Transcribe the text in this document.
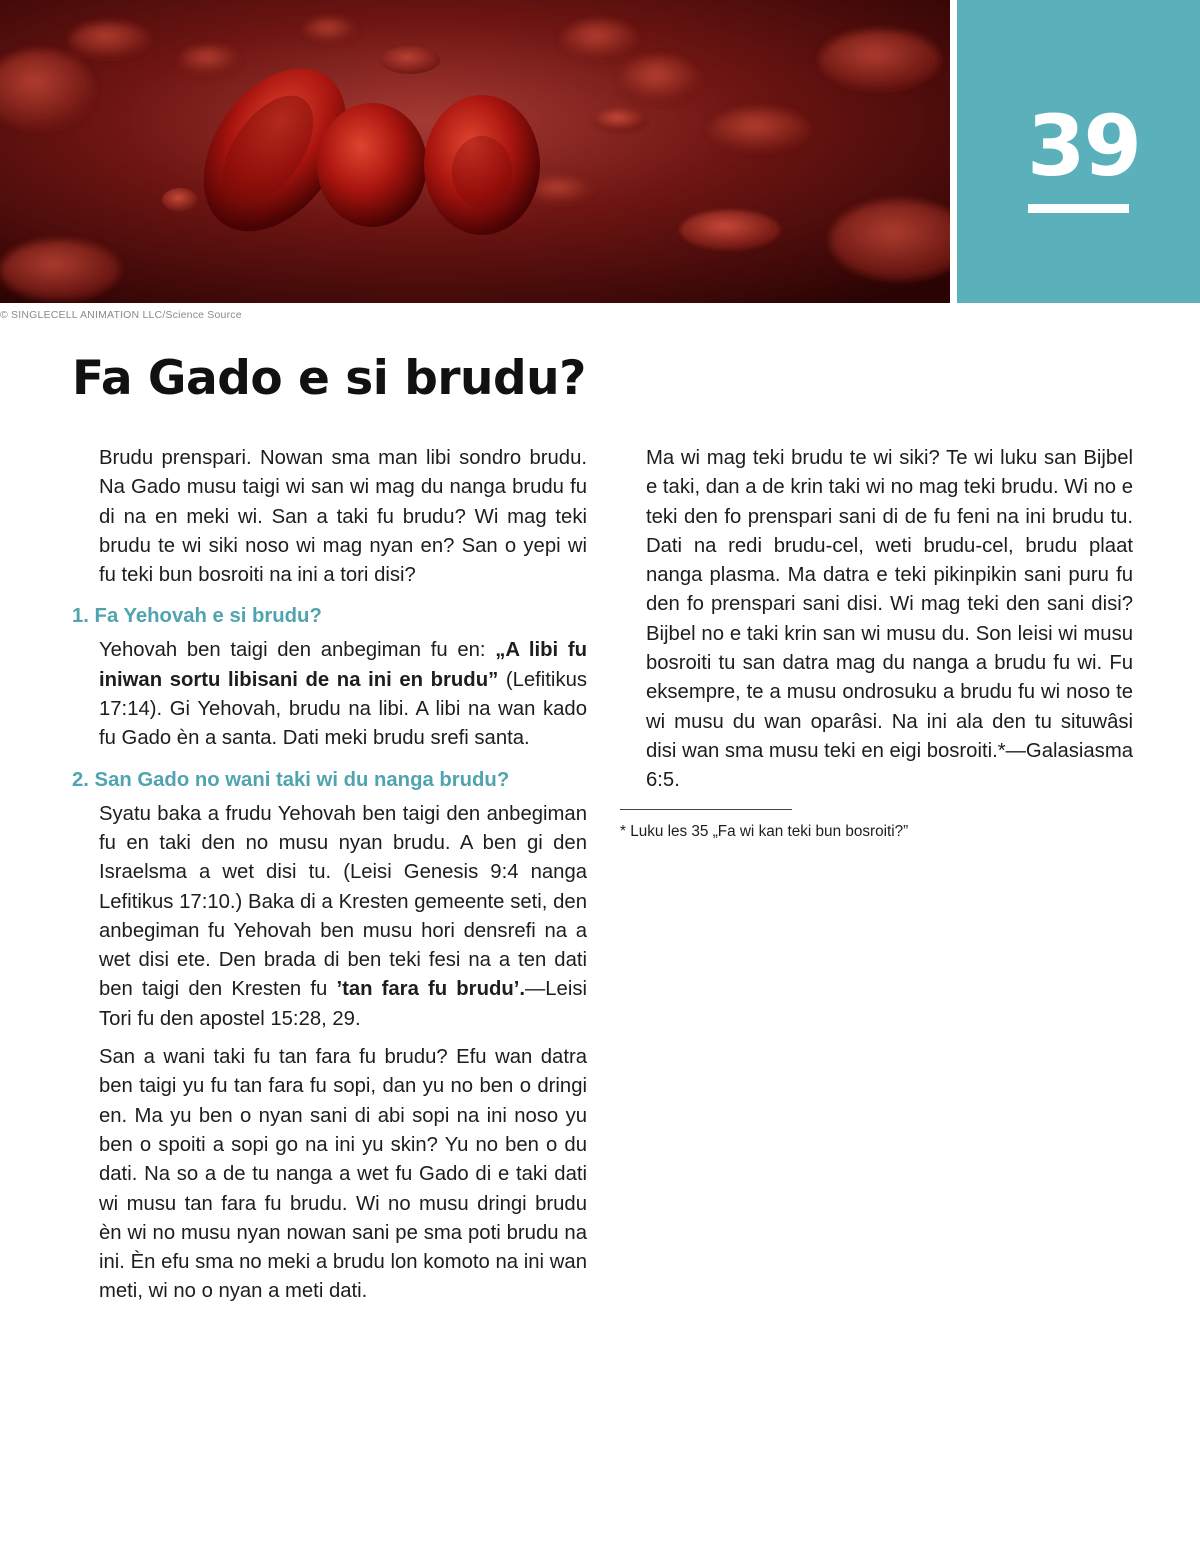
39
© SINGLECELL ANIMATION LLC/Science Source
Fa Gado e si brudu?

Brudu prenspari. Nowan sma man libi sondro brudu. Na Gado musu taigi wi san wi mag du nanga brudu fu di na en meki wi. San a taki fu brudu? Wi mag teki brudu te wi siki noso wi mag nyan en? San o yepi wi fu teki bun bosroiti na ini a tori disi?

1. Fa Yehovah e si brudu?

Yehovah ben taigi den anbegiman fu en: „A libi fu iniwan sortu libisani de na ini en brudu” (Lefitikus 17:14). Gi Yehovah, brudu na libi. A libi na wan kado fu Gado èn a santa. Dati meki brudu srefi santa.

2. San Gado no wani taki wi du nanga brudu?

Syatu baka a frudu Yehovah ben taigi den anbegiman fu en taki den no musu nyan brudu. A ben gi den Israelsma a wet disi tu. (Leisi Genesis 9:4 nanga Lefitikus 17:10.) Baka di a Kresten gemeente seti, den anbegiman fu Yehovah ben musu hori densrefi na a wet disi ete. Den brada di ben teki fesi na a ten dati ben taigi den Kresten fu ’tan fara fu brudu’.—Leisi Tori fu den apostel 15:28, 29.

San a wani taki fu tan fara fu brudu? Efu wan datra ben taigi yu fu tan fara fu sopi, dan yu no ben o dringi en. Ma yu ben o nyan sani di abi sopi na ini noso yu ben o spoiti a sopi go na ini yu skin? Yu no ben o du dati. Na so a de tu nanga a wet fu Gado di e taki dati wi musu tan fara fu brudu. Wi no musu dringi brudu èn wi no musu nyan nowan sani pe sma poti brudu na ini. Èn efu sma no meki a brudu lon komoto na ini wan meti, wi no o nyan a meti dati.

Ma wi mag teki brudu te wi siki? Te wi luku san Bijbel e taki, dan a de krin taki wi no mag teki brudu. Wi no e teki den fo prenspari sani di de fu feni na ini brudu tu. Dati na redi brudu-cel, weti brudu-cel, brudu plaat nanga plasma. Ma datra e teki pikinpikin sani puru fu den fo prenspari sani disi. Wi mag teki den sani disi? Bijbel no e taki krin san wi musu du. Son leisi wi musu bosroiti tu san datra mag du nanga a brudu fu wi. Fu eksempre, te a musu ondrosuku a brudu fu wi noso te wi musu du wan oparâsi. Na ini ala den tu situwâsi disi wan sma musu teki en eigi bosroiti.*—Galasiasma 6:5.

* Luku les 35 „Fa wi kan teki bun bosroiti?”
